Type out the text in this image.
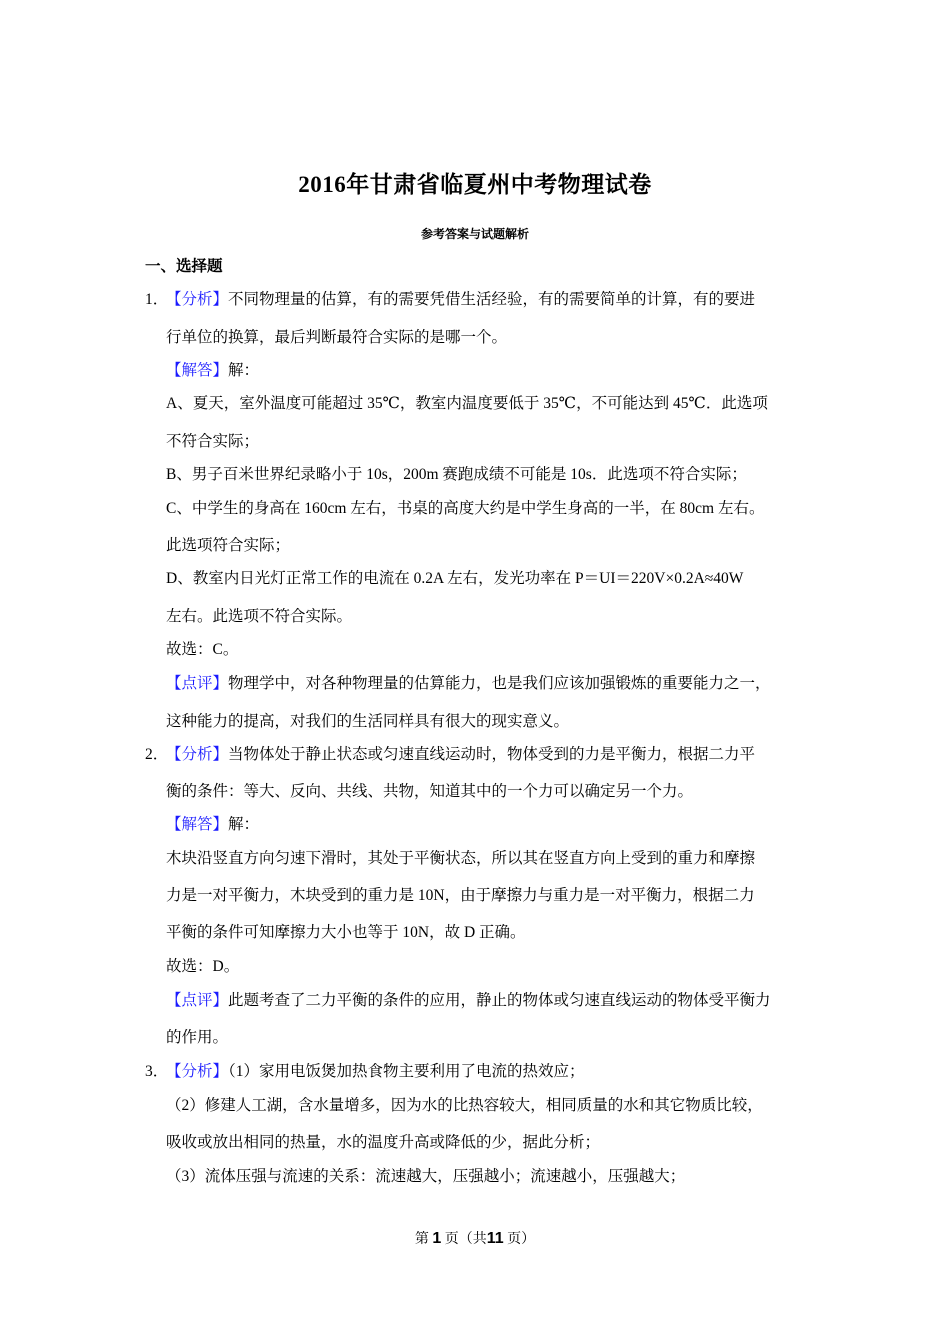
2016年甘肃省临夏州中考物理试卷
参考答案与试题解析
一、选择题
1．
【分析】不同物理量的估算，有的需要凭借生活经验，有的需要简单的计算，有的要进
行单位的换算，最后判断最符合实际的是哪一个。
【解答】解：
A、夏天，室外温度可能超过 35℃，教室内温度要低于 35℃，不可能达到 45℃．此选项
不符合实际；
B、男子百米世界纪录略小于 10s，200m 赛跑成绩不可能是 10s．此选项不符合实际；
C、中学生的身高在 160cm 左右，书桌的高度大约是中学生身高的一半，在 80cm 左右。
此选项符合实际；
D、教室内日光灯正常工作的电流在 0.2A 左右，发光功率在 P＝UI＝220V×0.2A≈40W
左右。此选项不符合实际。
故选：C。
【点评】物理学中，对各种物理量的估算能力，也是我们应该加强锻炼的重要能力之一，
这种能力的提高，对我们的生活同样具有很大的现实意义。
2．
【分析】当物体处于静止状态或匀速直线运动时，物体受到的力是平衡力，根据二力平
衡的条件：等大、反向、共线、共物，知道其中的一个力可以确定另一个力。
【解答】解：
木块沿竖直方向匀速下滑时，其处于平衡状态，所以其在竖直方向上受到的重力和摩擦
力是一对平衡力，木块受到的重力是 10N，由于摩擦力与重力是一对平衡力，根据二力
平衡的条件可知摩擦力大小也等于 10N，故 D 正确。
故选：D。
【点评】此题考查了二力平衡的条件的应用，静止的物体或匀速直线运动的物体受平衡力
的作用。
3．
【分析】（1）家用电饭煲加热食物主要利用了电流的热效应；
（2）修建人工湖，含水量增多，因为水的比热容较大，相同质量的水和其它物质比较，
吸收或放出相同的热量，水的温度升高或降低的少，据此分析；
（3）流体压强与流速的关系：流速越大，压强越小；流速越小，压强越大；
第 1 页（共11 页）
